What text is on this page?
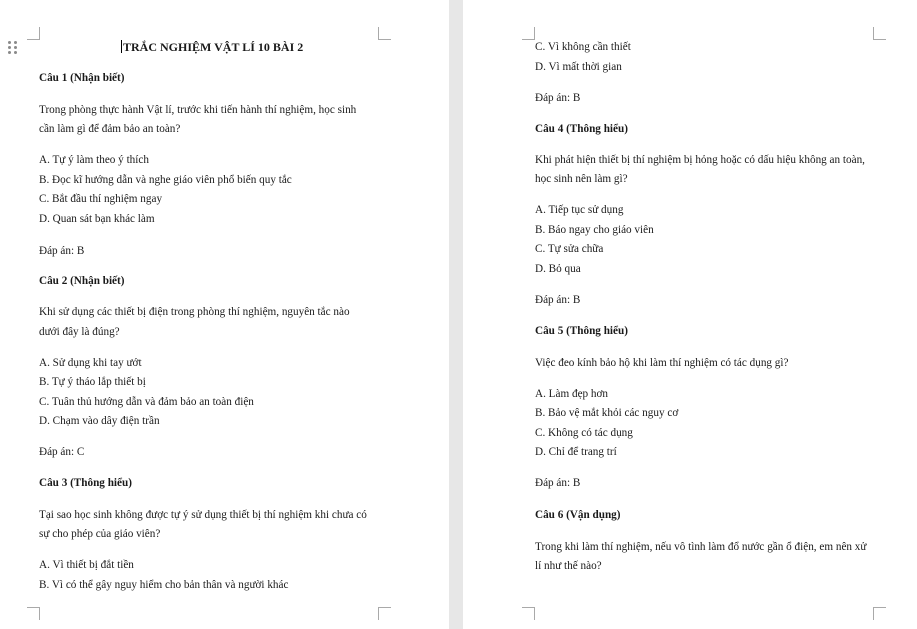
TRẮC NGHIỆM VẬT LÍ 10 BÀI 2
Câu 1 (Nhận biết)
Trong phòng thực hành Vật lí, trước khi tiến hành thí nghiệm, học sinh
cần làm gì để đảm bảo an toàn?
A. Tự ý làm theo ý thích
B. Đọc kĩ hướng dẫn và nghe giáo viên phổ biến quy tắc
C. Bắt đầu thí nghiệm ngay
D. Quan sát bạn khác làm
Đáp án: B
Câu 2 (Nhận biết)
Khi sử dụng các thiết bị điện trong phòng thí nghiệm, nguyên tắc nào
dưới đây là đúng?
A. Sử dụng khi tay ướt
B. Tự ý tháo lắp thiết bị
C. Tuân thủ hướng dẫn và đảm bảo an toàn điện
D. Chạm vào dây điện trần
Đáp án: C
Câu 3 (Thông hiểu)
Tại sao học sinh không được tự ý sử dụng thiết bị thí nghiệm khi chưa có
sự cho phép của giáo viên?
A. Vì thiết bị đắt tiền
B. Vì có thể gây nguy hiểm cho bản thân và người khác
C. Vì không cần thiết
D. Vì mất thời gian
Đáp án: B
Câu 4 (Thông hiểu)
Khi phát hiện thiết bị thí nghiệm bị hỏng hoặc có dấu hiệu không an toàn,
học sinh nên làm gì?
A. Tiếp tục sử dụng
B. Báo ngay cho giáo viên
C. Tự sửa chữa
D. Bỏ qua
Đáp án: B
Câu 5 (Thông hiểu)
Việc đeo kính bảo hộ khi làm thí nghiệm có tác dụng gì?
A. Làm đẹp hơn
B. Bảo vệ mắt khỏi các nguy cơ
C. Không có tác dụng
D. Chỉ để trang trí
Đáp án: B
Câu 6 (Vận dụng)
Trong khi làm thí nghiệm, nếu vô tình làm đổ nước gần ổ điện, em nên xử
lí như thế nào?
